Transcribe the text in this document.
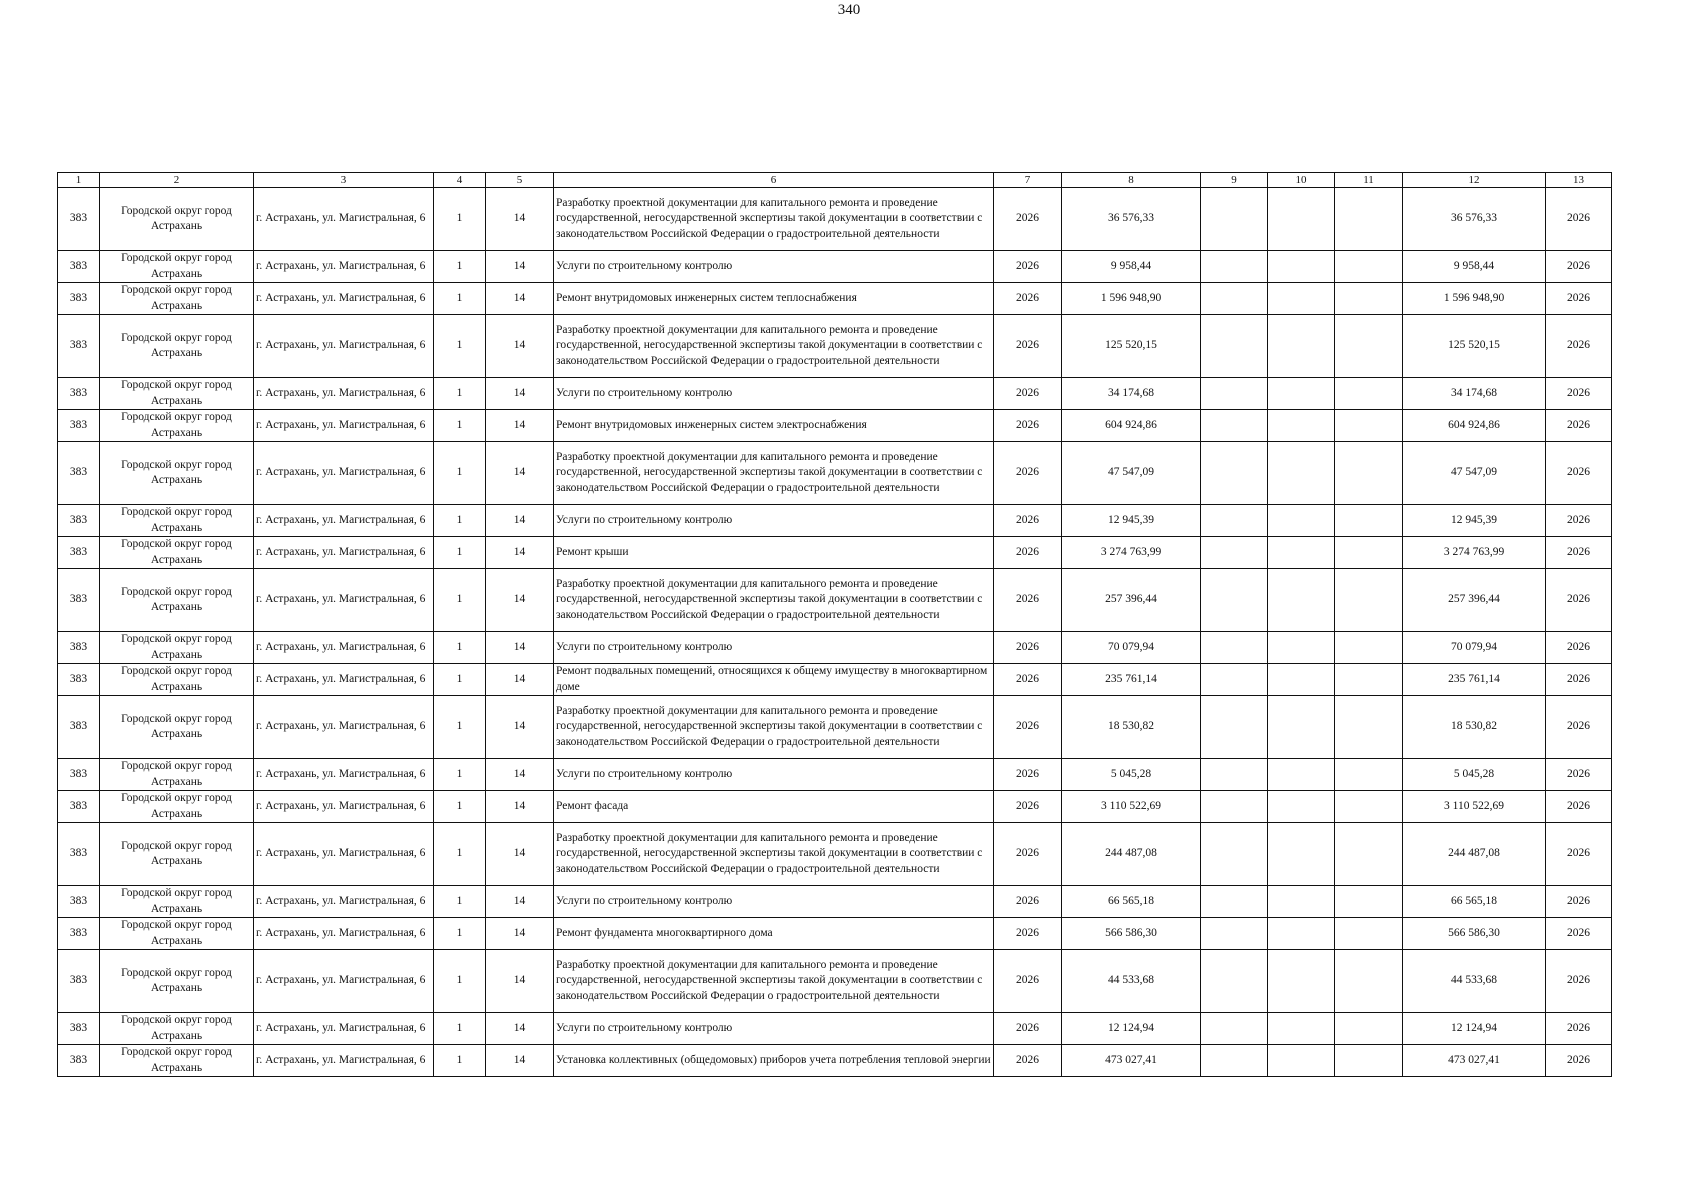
340
1	2	3	4	5	6	7	8	9	10	11	12	13
383	Городской округ город Астрахань	г. Астрахань, ул. Магистральная, 6	1	14	Разработку проектной документации для капитального ремонта и проведение государственной, негосударственной экспертизы такой документации в соответствии с законодательством Российской Федерации о градостроительной деятельности	2026	36 576,33				36 576,33	2026
383	Городской округ город Астрахань	г. Астрахань, ул. Магистральная, 6	1	14	Услуги по строительному контролю	2026	9 958,44				9 958,44	2026
383	Городской округ город Астрахань	г. Астрахань, ул. Магистральная, 6	1	14	Ремонт внутридомовых инженерных систем теплоснабжения	2026	1 596 948,90				1 596 948,90	2026
383	Городской округ город Астрахань	г. Астрахань, ул. Магистральная, 6	1	14	Разработку проектной документации для капитального ремонта и проведение государственной, негосударственной экспертизы такой документации в соответствии с законодательством Российской Федерации о градостроительной деятельности	2026	125 520,15				125 520,15	2026
383	Городской округ город Астрахань	г. Астрахань, ул. Магистральная, 6	1	14	Услуги по строительному контролю	2026	34 174,68				34 174,68	2026
383	Городской округ город Астрахань	г. Астрахань, ул. Магистральная, 6	1	14	Ремонт внутридомовых инженерных систем электроснабжения	2026	604 924,86				604 924,86	2026
383	Городской округ город Астрахань	г. Астрахань, ул. Магистральная, 6	1	14	Разработку проектной документации для капитального ремонта и проведение государственной, негосударственной экспертизы такой документации в соответствии с законодательством Российской Федерации о градостроительной деятельности	2026	47 547,09				47 547,09	2026
383	Городской округ город Астрахань	г. Астрахань, ул. Магистральная, 6	1	14	Услуги по строительному контролю	2026	12 945,39				12 945,39	2026
383	Городской округ город Астрахань	г. Астрахань, ул. Магистральная, 6	1	14	Ремонт крыши	2026	3 274 763,99				3 274 763,99	2026
383	Городской округ город Астрахань	г. Астрахань, ул. Магистральная, 6	1	14	Разработку проектной документации для капитального ремонта и проведение государственной, негосударственной экспертизы такой документации в соответствии с законодательством Российской Федерации о градостроительной деятельности	2026	257 396,44				257 396,44	2026
383	Городской округ город Астрахань	г. Астрахань, ул. Магистральная, 6	1	14	Услуги по строительному контролю	2026	70 079,94				70 079,94	2026
383	Городской округ город Астрахань	г. Астрахань, ул. Магистральная, 6	1	14	Ремонт подвальных помещений, относящихся к общему имуществу в многоквартирном доме	2026	235 761,14				235 761,14	2026
383	Городской округ город Астрахань	г. Астрахань, ул. Магистральная, 6	1	14	Разработку проектной документации для капитального ремонта и проведение государственной, негосударственной экспертизы такой документации в соответствии с законодательством Российской Федерации о градостроительной деятельности	2026	18 530,82				18 530,82	2026
383	Городской округ город Астрахань	г. Астрахань, ул. Магистральная, 6	1	14	Услуги по строительному контролю	2026	5 045,28				5 045,28	2026
383	Городской округ город Астрахань	г. Астрахань, ул. Магистральная, 6	1	14	Ремонт фасада	2026	3 110 522,69				3 110 522,69	2026
383	Городской округ город Астрахань	г. Астрахань, ул. Магистральная, 6	1	14	Разработку проектной документации для капитального ремонта и проведение государственной, негосударственной экспертизы такой документации в соответствии с законодательством Российской Федерации о градостроительной деятельности	2026	244 487,08				244 487,08	2026
383	Городской округ город Астрахань	г. Астрахань, ул. Магистральная, 6	1	14	Услуги по строительному контролю	2026	66 565,18				66 565,18	2026
383	Городской округ город Астрахань	г. Астрахань, ул. Магистральная, 6	1	14	Ремонт фундамента многоквартирного дома	2026	566 586,30				566 586,30	2026
383	Городской округ город Астрахань	г. Астрахань, ул. Магистральная, 6	1	14	Разработку проектной документации для капитального ремонта и проведение государственной, негосударственной экспертизы такой документации в соответствии с законодательством Российской Федерации о градостроительной деятельности	2026	44 533,68				44 533,68	2026
383	Городской округ город Астрахань	г. Астрахань, ул. Магистральная, 6	1	14	Услуги по строительному контролю	2026	12 124,94				12 124,94	2026
383	Городской округ город Астрахань	г. Астрахань, ул. Магистральная, 6	1	14	Установка коллективных (общедомовых) приборов учета потребления тепловой энергии	2026	473 027,41				473 027,41	2026
